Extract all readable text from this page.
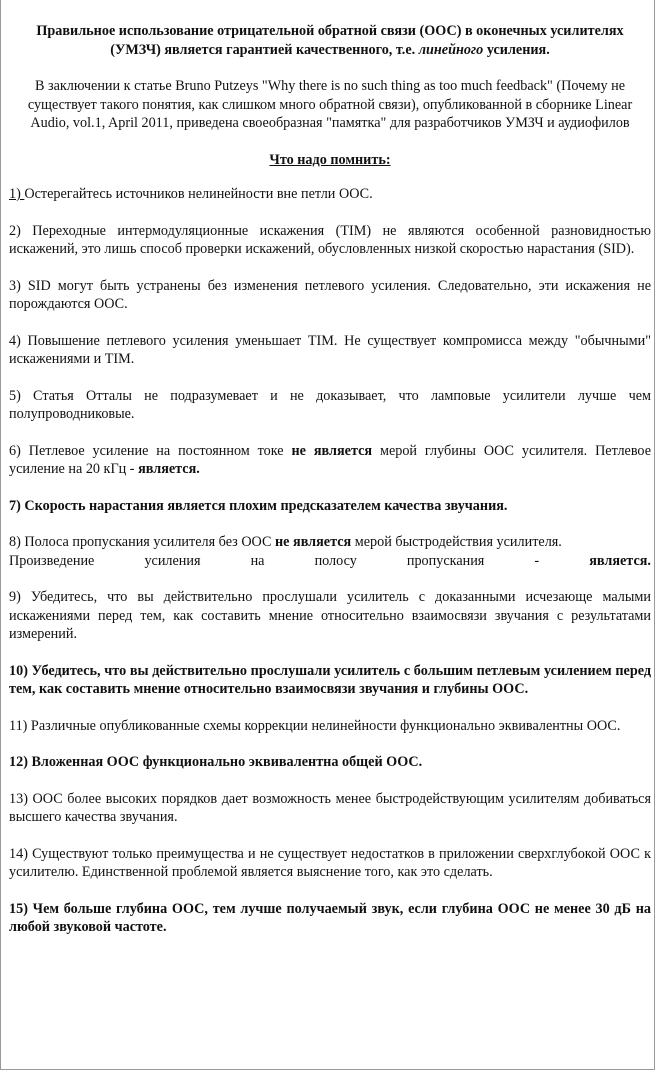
Правильное использование отрицательной обратной связи (ООС) в оконечных усилителях (УМЗЧ) является гарантией качественного, т.е. линейного усиления.
В заключении к статье Bruno Putzeys "Why there is no such thing as too much feedback" (Почему не существует такого понятия, как слишком много обратной связи), опубликованной в сборнике Linear Audio, vol.1, April 2011, приведена своеобразная "памятка" для разработчиков УМЗЧ и аудиофилов
Что надо помнить:
1) Остерегайтесь источников нелинейности вне петли ООС.
2) Переходные интермодуляционные искажения (TIM) не являются особенной разновидностью искажений, это лишь способ проверки искажений, обусловленных низкой скоростью нарастания (SID).
3) SID могут быть устранены без изменения петлевого усиления. Следовательно, эти искажения не порождаются ООС.
4) Повышение петлевого усиления уменьшает TIM. Не существует компромисса между "обычными" искажениями и TIM.
5) Статья Отталы не подразумевает и не доказывает, что ламповые усилители лучше чем полупроводниковые.
6) Петлевое усиление на постоянном токе не является мерой глубины ООС усилителя. Петлевое усиление на 20 кГц - является.
7) Скорость нарастания является плохим предсказателем качества звучания.
8) Полоса пропускания усилителя без ООС не является мерой быстродействия усилителя.
Произведение	усиления	на	полосу	пропускания	-	является.
9) Убедитесь, что вы действительно прослушали усилитель с доказанными исчезающе малыми искажениями перед тем, как составить мнение относительно взаимосвязи звучания с результатами измерений.
10) Убедитесь, что вы действительно прослушали усилитель с большим петлевым усилением перед тем, как составить мнение относительно взаимосвязи звучания и глубины ООС.
11) Различные опубликованные схемы коррекции нелинейности функционально эквивалентны ООС.
12) Вложенная ООС функционально эквивалентна общей ООС.
13) ООС более высоких порядков дает возможность менее быстродействующим усилителям добиваться высшего качества звучания.
14) Существуют только преимущества и не существует недостатков в приложении сверхглубокой ООС к усилителю. Единственной проблемой является выяснение того, как это сделать.
15) Чем больше глубина ООС, тем лучше получаемый звук, если глубина ООС не менее 30 дБ на любой звуковой частоте.
